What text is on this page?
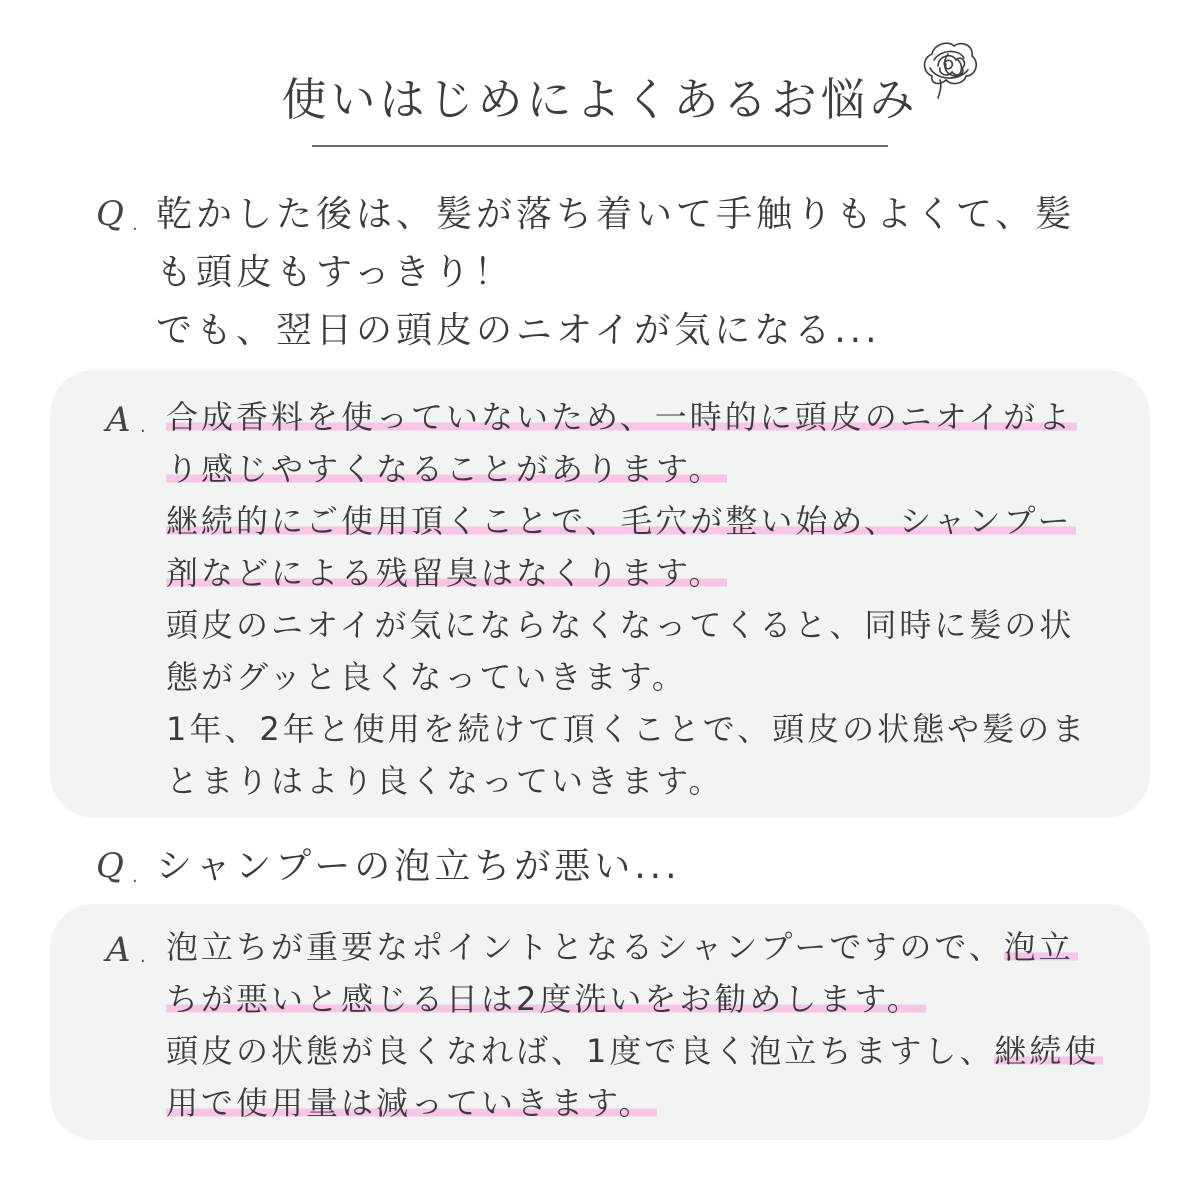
使いはじめによくあるお悩み
Q . 乾かした後は、髪が落ち着いて手触りもよくて、髪
も頭皮もすっきり！
でも、翌日の頭皮のニオイが気になる...
A . 合成香料を使っていないため、一時的に頭皮のニオイがよ
り感じやすくなることがあります。
継続的にご使用頂くことで、毛穴が整い始め、シャンプー
剤などによる残留臭はなくります。
頭皮のニオイが気にならなくなってくると、同時に髪の状
態がグッと良くなっていきます。
1年、2年と使用を続けて頂くことで、頭皮の状態や髪のま
とまりはより良くなっていきます。
Q . シャンプーの泡立ちが悪い...
A . 泡立ちが重要なポイントとなるシャンプーですので、泡立
ちが悪いと感じる日は2度洗いをお勧めします。
頭皮の状態が良くなれば、1度で良く泡立ちますし、継続使
用で使用量は減っていきます。
